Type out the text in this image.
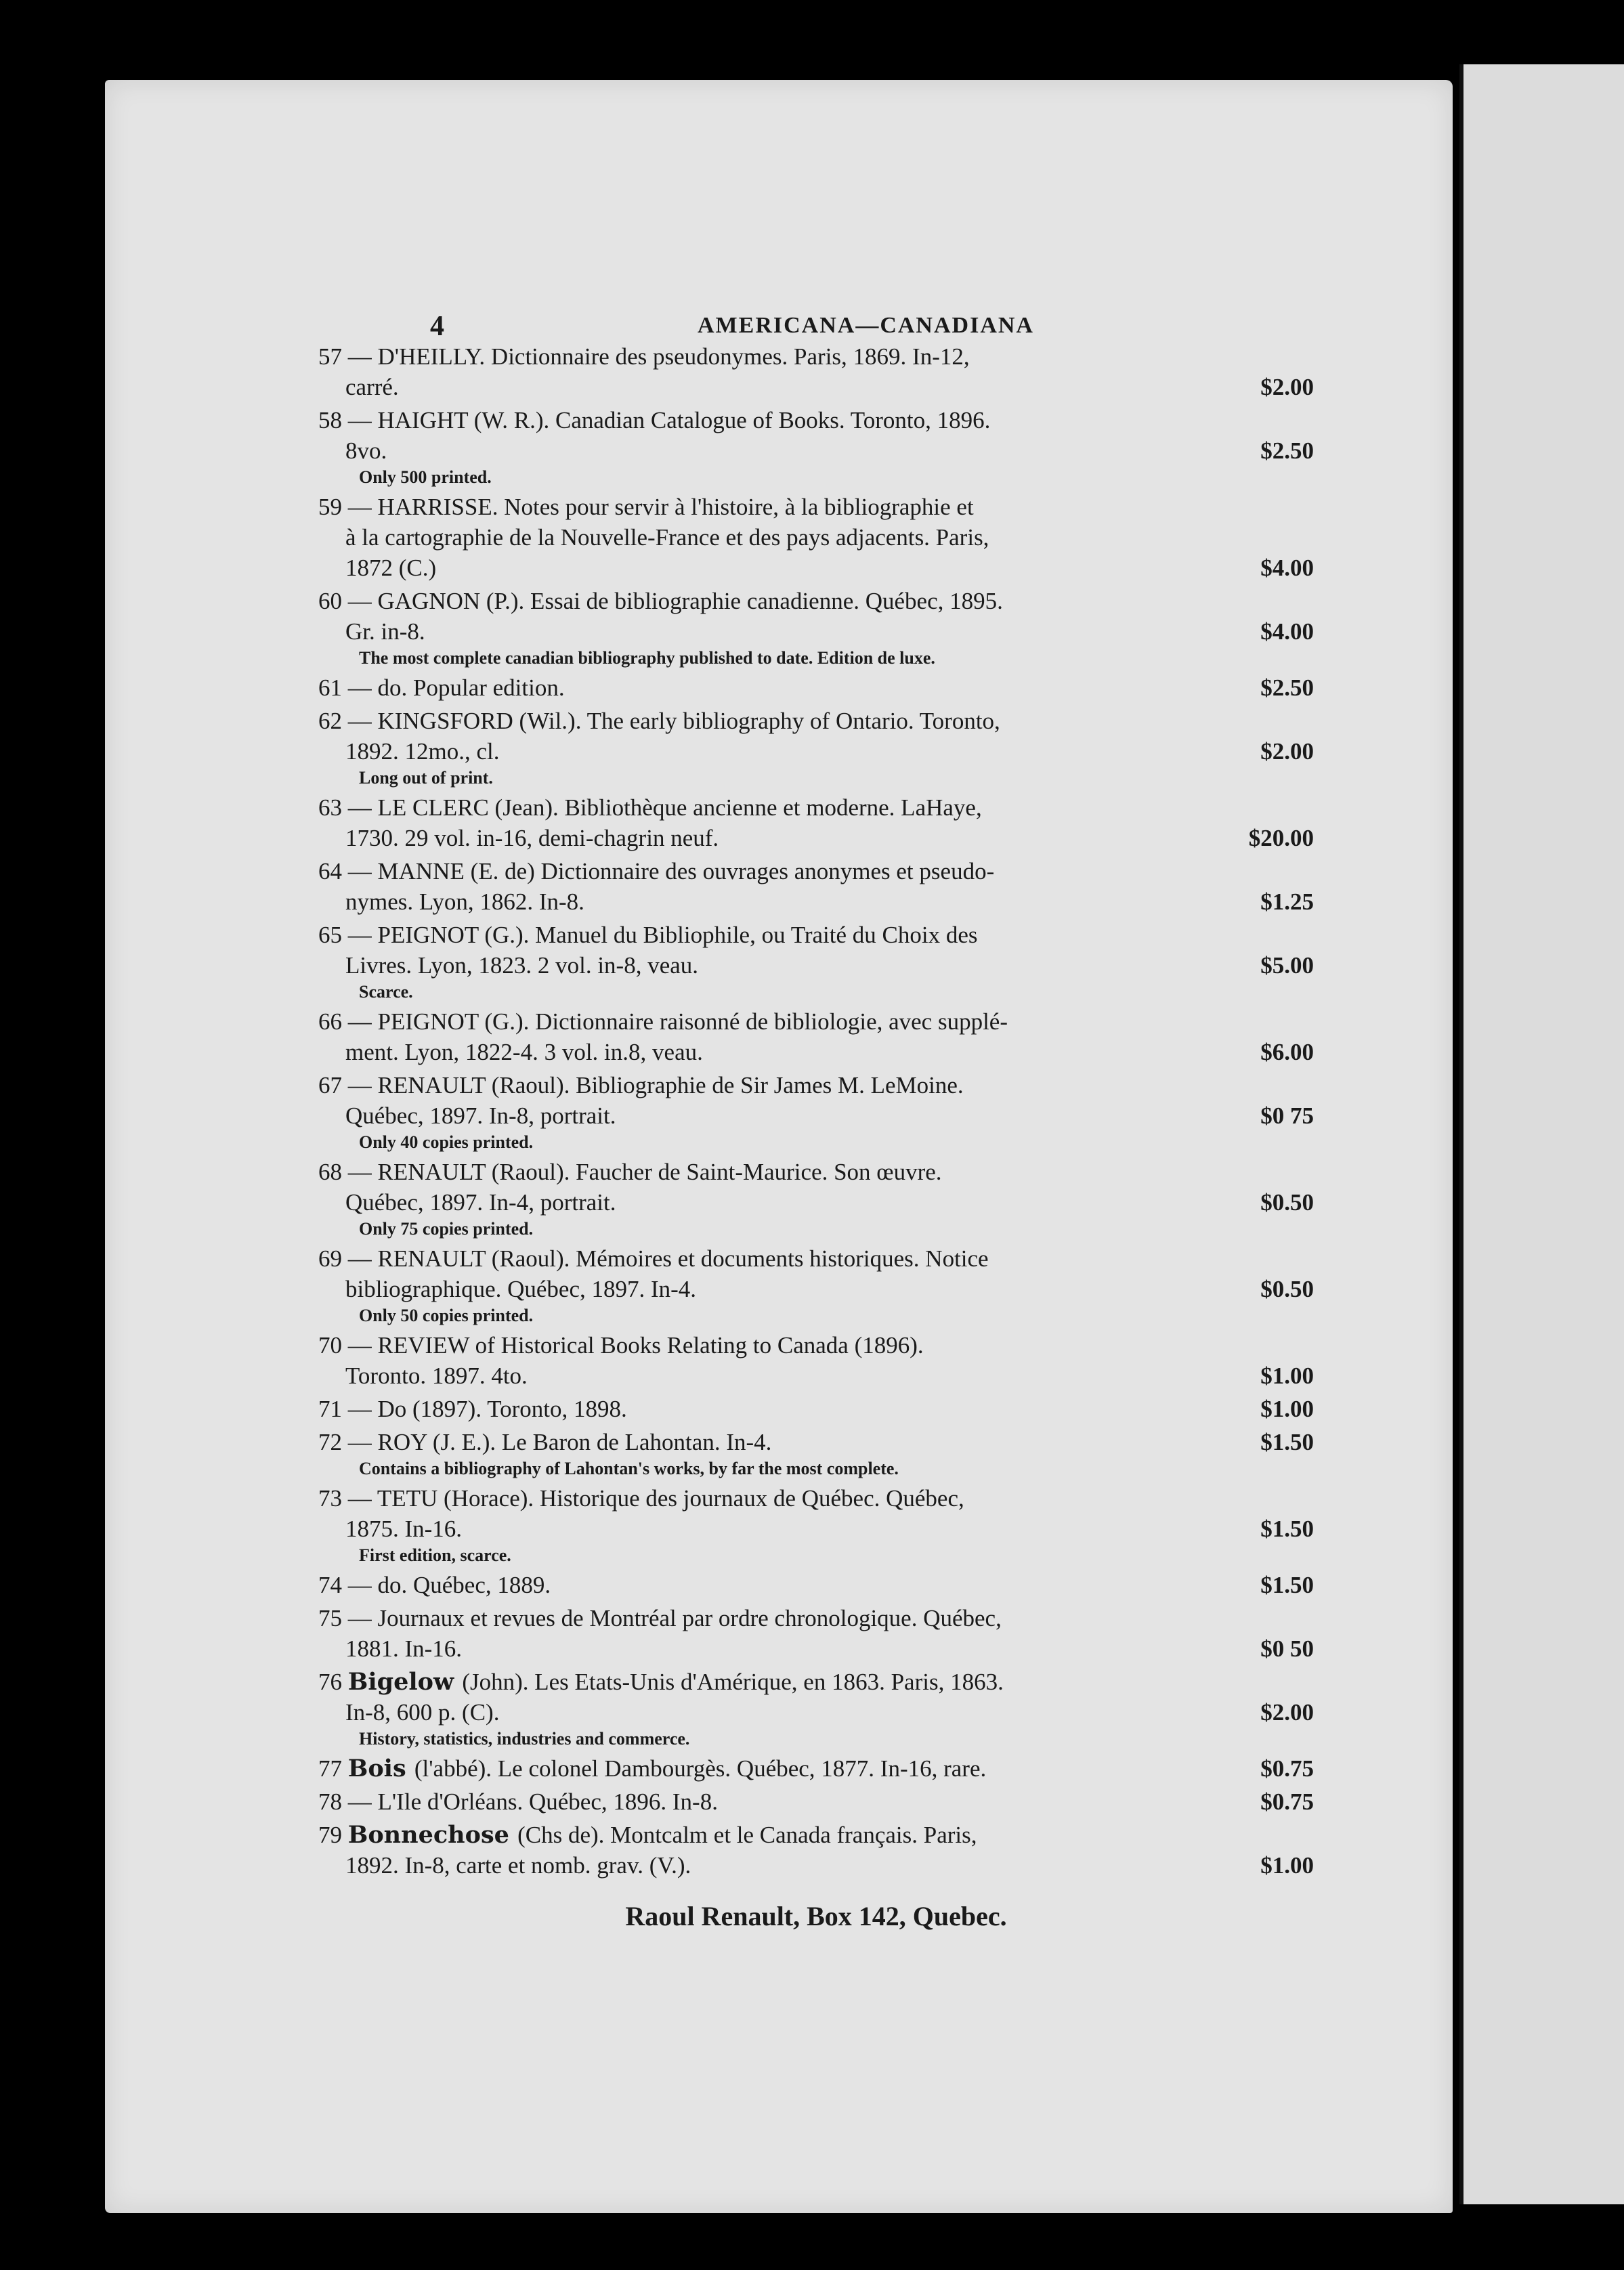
4	AMERICANA—CANADIANA
57 — D'HEILLY. Dictionnaire des pseudonymes. Paris, 1869. In-12,
carré.	$2.00
58 — HAIGHT (W. R.). Canadian Catalogue of Books. Toronto, 1896.
8vo.	$2.50
Only 500 printed.
59 — HARRISSE. Notes pour servir à l'histoire, à la bibliographie et
à la cartographie de la Nouvelle-France et des pays adjacents. Paris,
1872 (C.)	$4.00
60 — GAGNON (P.). Essai de bibliographie canadienne. Québec, 1895.
Gr. in-8.	$4.00
The most complete canadian bibliography published to date. Edition de luxe.
61 — do. Popular edition.	$2.50
62 — KINGSFORD (Wil.). The early bibliography of Ontario. Toronto,
1892. 12mo., cl.	$2.00
Long out of print.
63 — LE CLERC (Jean). Bibliothèque ancienne et moderne. LaHaye,
1730. 29 vol. in-16, demi-chagrin neuf.	$20.00
64 — MANNE (E. de) Dictionnaire des ouvrages anonymes et pseudo-
nymes. Lyon, 1862. In-8.	$1.25
65 — PEIGNOT (G.). Manuel du Bibliophile, ou Traité du Choix des
Livres. Lyon, 1823. 2 vol. in-8, veau.	$5.00
Scarce.
66 — PEIGNOT (G.). Dictionnaire raisonné de bibliologie, avec supplé-
ment. Lyon, 1822-4. 3 vol. in.8, veau.	$6.00
67 — RENAULT (Raoul). Bibliographie de Sir James M. LeMoine.
Québec, 1897. In-8, portrait.	$0 75
Only 40 copies printed.
68 — RENAULT (Raoul). Faucher de Saint-Maurice. Son œuvre.
Québec, 1897. In-4, portrait.	$0.50
Only 75 copies printed.
69 — RENAULT (Raoul). Mémoires et documents historiques. Notice
bibliographique. Québec, 1897. In-4.	$0.50
Only 50 copies printed.
70 — REVIEW of Historical Books Relating to Canada (1896).
Toronto. 1897. 4to.	$1.00
71 — Do (1897). Toronto, 1898.	$1.00
72 — ROY (J. E.). Le Baron de Lahontan. In-4.	$1.50
Contains a bibliography of Lahontan's works, by far the most complete.
73 — TETU (Horace). Historique des journaux de Québec. Québec,
1875. In-16.	$1.50
First edition, scarce.
74 — do. Québec, 1889.	$1.50
75 — Journaux et revues de Montréal par ordre chronologique. Québec,
1881. In-16.	$0 50
76 Bigelow (John). Les Etats-Unis d'Amérique, en 1863. Paris, 1863.
In-8, 600 p. (C).	$2.00
History, statistics, industries and commerce.
77 Bois (l'abbé). Le colonel Dambourgès. Québec, 1877. In-16, rare.	$0.75
78 — L'Ile d'Orléans. Québec, 1896. In-8.	$0.75
79 Bonnechose (Chs de). Montcalm et le Canada français. Paris,
1892. In-8, carte et nomb. grav. (V.).	$1.00
Raoul Renault, Box 142, Quebec.
